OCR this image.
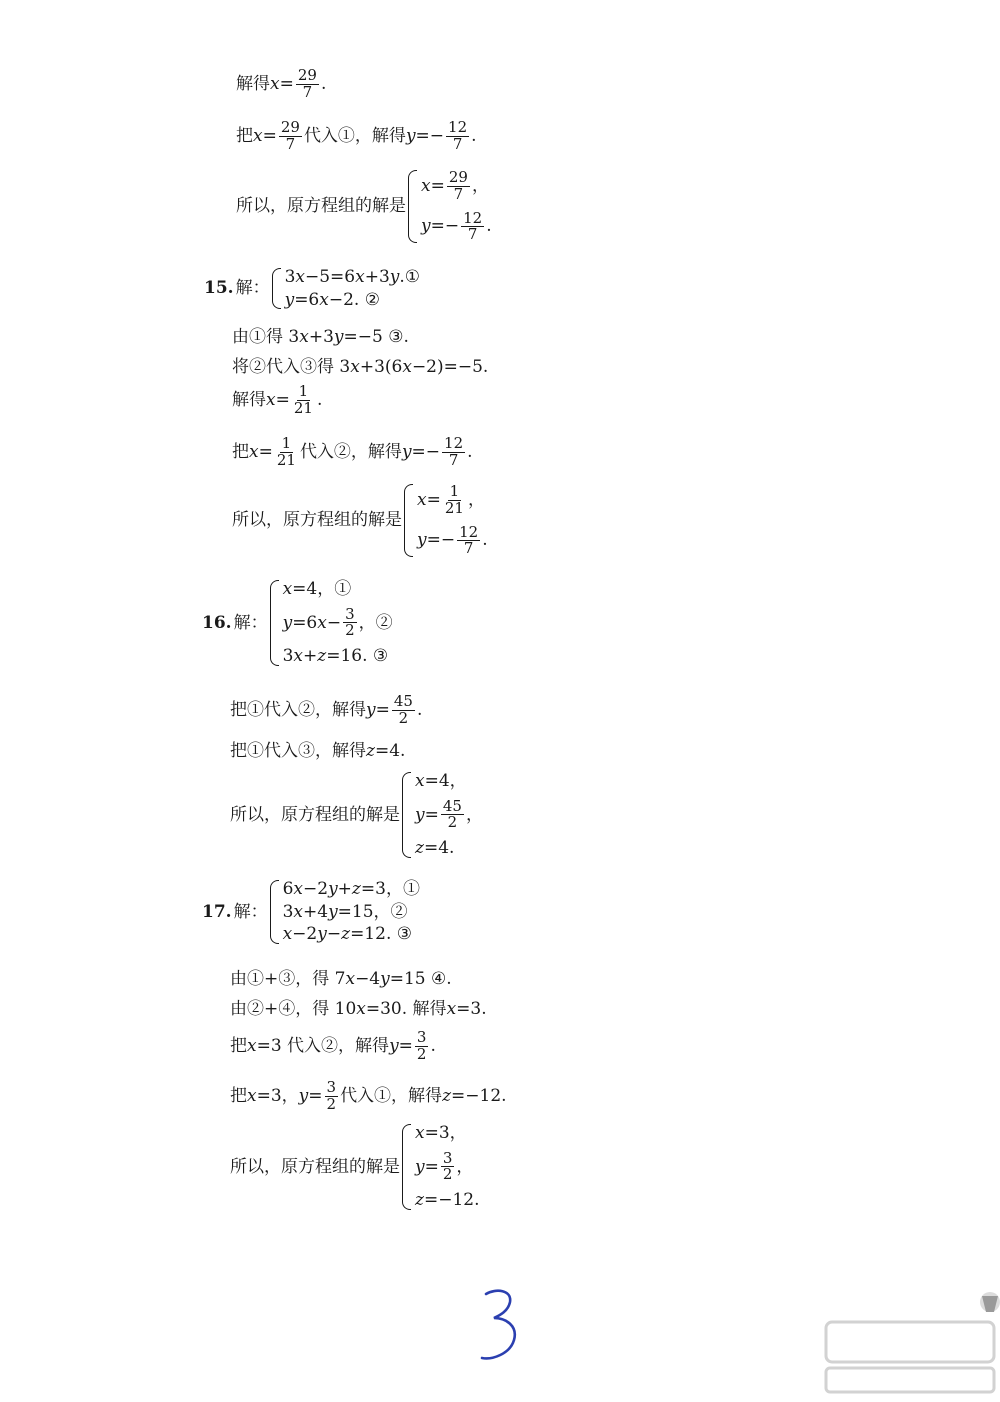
解得 $x = \frac{29}{7}$ .
把 $x = \frac{29}{7}$ 代入①，解得 $y =- \frac{12}{7}$ .
所以，原方程组的解是
$x = \frac{29}{7}$ ，
$y =- \frac{12}{7}$ .
15. 解：
3 x −5=6 x +3 y .①
y =6 x −2. ②
由①得 3 x +3 y =−5 ③.
将②代入③得 3 x +3(6 x −2)=−5.
解得 $x = \frac{1}{21}$ .
把 $x = \frac{1}{21}$ 代入②，解得 $y =- \frac{12}{7}$ .
所以，原方程组的解是
$x = \frac{1}{21}$ ，
$y =- \frac{12}{7}$ .
16. 解：
x =4，①
y =6 $x - \frac{3}{2}$ ，②
3 x + z =16. ③
把①代入②，解得 $y = \frac{45}{2}$ .
把①代入③，解得 z =4.
所以，原方程组的解是
x =4，
$y = \frac{45}{2}$ ，
z =4.
17. 解：
6 x −2 y + z =3，①
3 x +4 y =15，②
x −2 y − z =12. ③
由①+③，得 7 x −4 y =15 ④.
由②+④，得 10 x =30. 解得 x =3.
把 x =3 代入②，解得 $y = \frac{3}{2}$ .
把 x =3， $y = \frac{3}{2}$ 代入①，解得 z =−12.
所以，原方程组的解是
x =3，
$y = \frac{3}{2}$ ，
z =−12.
